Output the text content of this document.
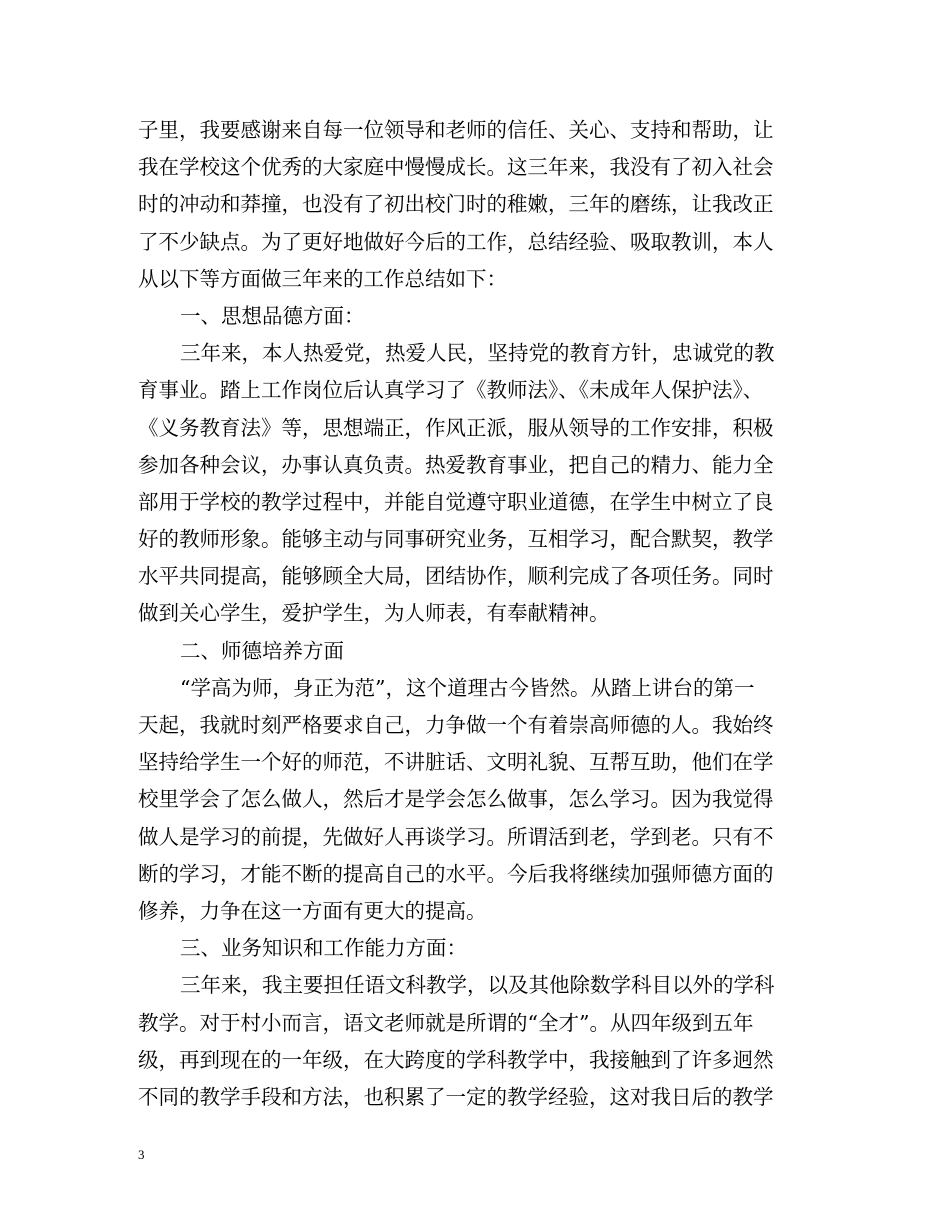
子里，我要感谢来自每一位领导和老师的信任、关心、支持和帮助，让
我在学校这个优秀的大家庭中慢慢成长。这三年来，我没有了初入社会
时的冲动和莽撞，也没有了初出校门时的稚嫩，三年的磨练，让我改正
了不少缺点。为了更好地做好今后的工作，总结经验、吸取教训，本人
从以下等方面做三年来的工作总结如下：
一、思想品德方面：
三年来，本人热爱党，热爱人民，坚持党的教育方针，忠诚党的教
育事业。踏上工作岗位后认真学习了《教师法》、《未成年人保护法》、
《义务教育法》等，思想端正，作风正派，服从领导的工作安排，积极
参加各种会议，办事认真负责。热爱教育事业，把自己的精力、能力全
部用于学校的教学过程中，并能自觉遵守职业道德，在学生中树立了良
好的教师形象。能够主动与同事研究业务，互相学习，配合默契，教学
水平共同提高，能够顾全大局，团结协作，顺利完成了各项任务。同时
做到关心学生，爱护学生，为人师表，有奉献精神。
二、师德培养方面
“学高为师，身正为范”，这个道理古今皆然。从踏上讲台的第一
天起，我就时刻严格要求自己，力争做一个有着崇高师德的人。我始终
坚持给学生一个好的师范，不讲脏话、文明礼貌、互帮互助，他们在学
校里学会了怎么做人，然后才是学会怎么做事，怎么学习。因为我觉得
做人是学习的前提，先做好人再谈学习。所谓活到老，学到老。只有不
断的学习，才能不断的提高自己的水平。今后我将继续加强师德方面的
修养，力争在这一方面有更大的提高。
三、业务知识和工作能力方面：
三年来，我主要担任语文科教学，以及其他除数学科目以外的学科
教学。对于村小而言，语文老师就是所谓的“全才”。从四年级到五年
级，再到现在的一年级，在大跨度的学科教学中，我接触到了许多迥然
不同的教学手段和方法，也积累了一定的教学经验，这对我日后的教学
3
